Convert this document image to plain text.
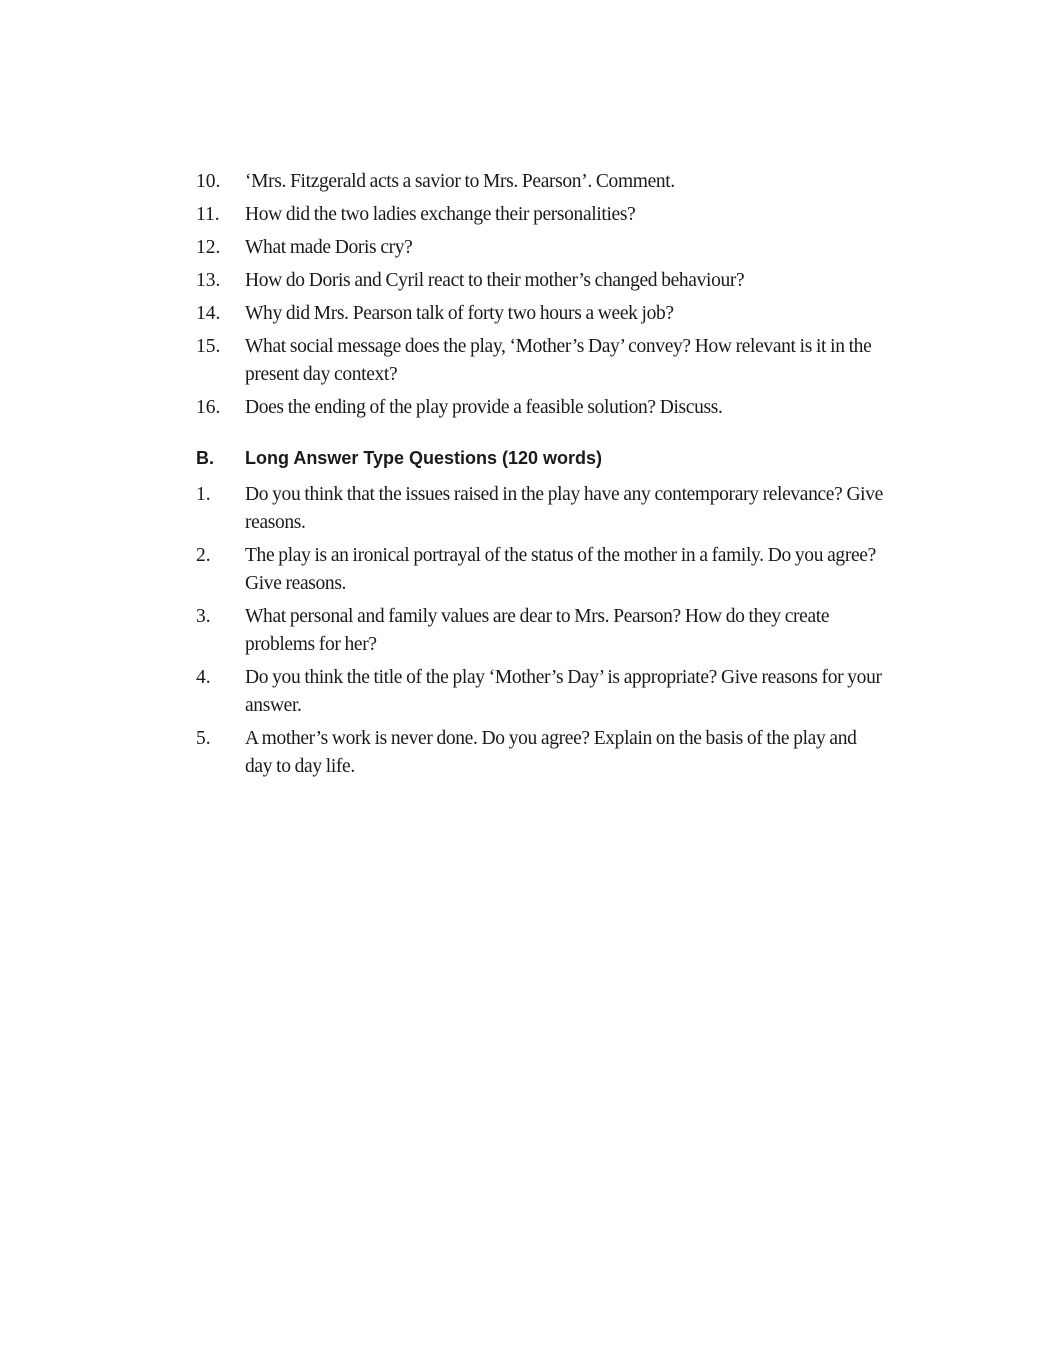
10.	‘Mrs. Fitzgerald acts a savior to Mrs. Pearson’. Comment.
11.	How did the two ladies exchange their personalities?
12.	What made Doris cry?
13.	How do Doris and Cyril react to their mother’s changed behaviour?
14.	Why did Mrs. Pearson talk of forty two hours a week job?
15.	What social message does the play, ‘Mother’s Day’ convey? How relevant is it in the present day context?
16.	Does the ending of the play provide a feasible solution? Discuss.
B.	Long Answer Type Questions (120 words)
1.	Do you think that the issues raised in the play have any contemporary relevance? Give reasons.
2.	The play is an ironical portrayal of the status of the mother in a family. Do you agree? Give reasons.
3.	What personal and family values are dear to Mrs. Pearson? How do they create problems for her?
4.	Do you think the title of the play ‘Mother’s Day’ is appropriate? Give reasons for your answer.
5.	A mother’s work is never done. Do you agree? Explain on the basis of the play and day to day life.
